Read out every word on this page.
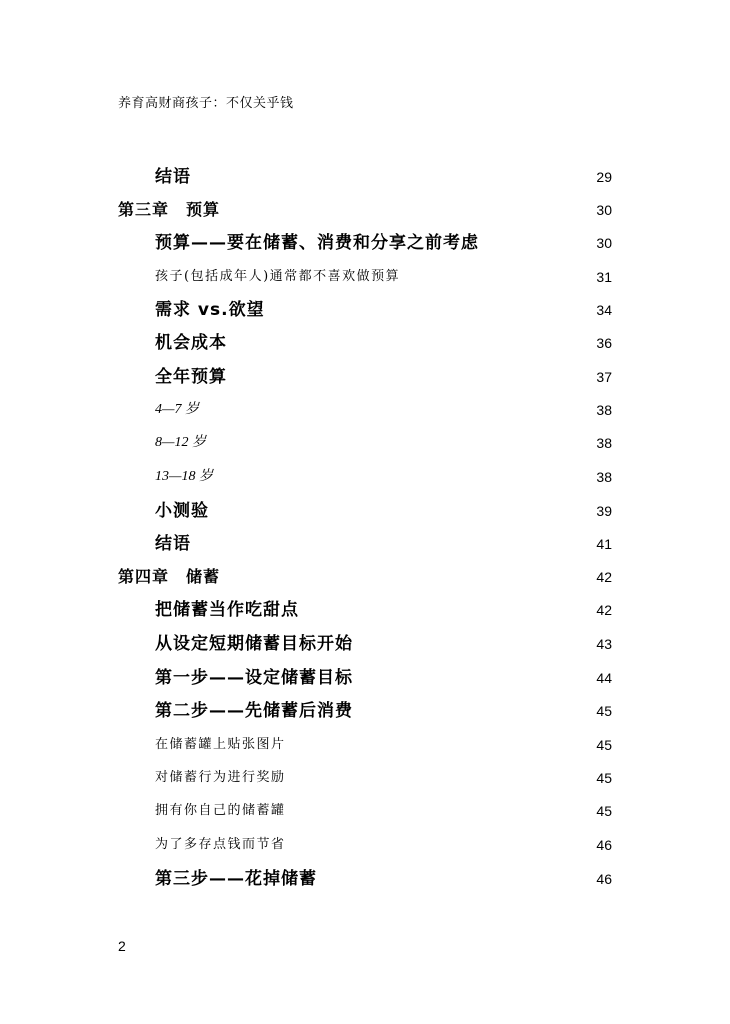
养育高财商孩子：不仅关乎钱
结语	29
第三章　预算	30
预算——要在储蓄、消费和分享之前考虑	30
孩子(包括成年人)通常都不喜欢做预算	31
需求 vs.欲望	34
机会成本	36
全年预算	37
4—7 岁	38
8—12 岁	38
13—18 岁	38
小测验	39
结语	41
第四章　储蓄	42
把储蓄当作吃甜点	42
从设定短期储蓄目标开始	43
第一步——设定储蓄目标	44
第二步——先储蓄后消费	45
在储蓄罐上贴张图片	45
对储蓄行为进行奖励	45
拥有你自己的储蓄罐	45
为了多存点钱而节省	46
第三步——花掉储蓄	46
2
